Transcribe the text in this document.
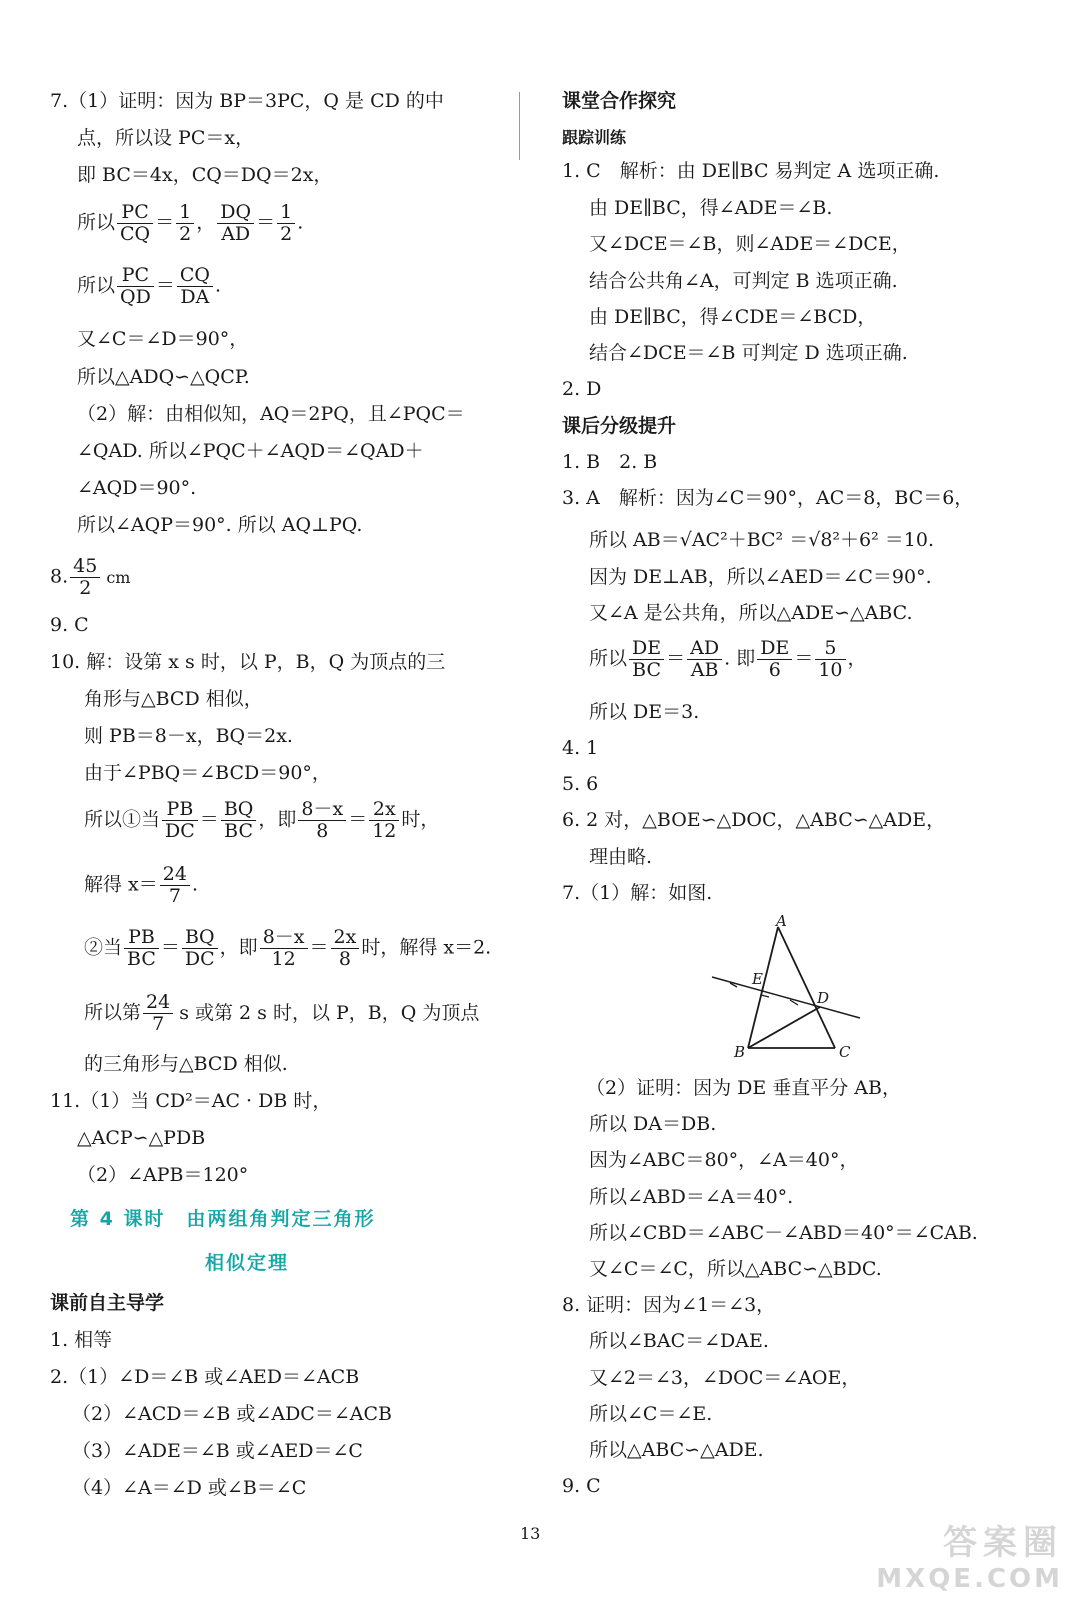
7.（1）证明：因为 BP＝3PC，Q 是 CD 的中
点，所以设 PC＝x，
即 BC＝4x，CQ＝DQ＝2x，
所以 $\frac{PC}{CQ} = \frac{1}{2}$ ， $\frac{DQ}{AD} = \frac{1}{2}$ .
所以 $\frac{PC}{QD} = \frac{CQ}{DA}$ .
又∠C＝∠D＝90°，
所以△ADQ∽△QCP.
（2）解：由相似知，AQ＝2PQ，且∠PQC＝
∠QAD. 所以∠PQC＋∠AQD＝∠QAD＋
∠AQD＝90°.
所以∠AQP＝90°. 所以 AQ⊥PQ.
8. $\frac{45}{2}$ cm
9. C
10. 解：设第 x s 时，以 P，B，Q 为顶点的三
角形与△BCD 相似，
则 PB＝8－x，BQ＝2x.
由于∠PBQ＝∠BCD＝90°，
所以①当 $\frac{PB}{DC} = \frac{BQ}{BC}$ ，即 $\frac{8-x}{8} = \frac{2x}{12}$ 时，
解得 $x= \frac{24}{7}$ .
②当 $\frac{PB}{BC} = \frac{BQ}{DC}$ ，即 $\frac{8-x}{12} = \frac{2x}{8}$ 时，解得 x＝2.
所以第 $\frac{24}{7}$ s 或第 2 s 时，以 P，B，Q 为顶点
的三角形与△BCD 相似.
11.（1）当 CD²＝AC · DB 时，
△ACP∽△PDB
（2）∠APB＝120°
第 4 课时　由两组角判定三角形
相似定理
课前自主导学
1. 相等
2.（1）∠D＝∠B 或∠AED＝∠ACB
（2）∠ACD＝∠B 或∠ADC＝∠ACB
（3）∠ADE＝∠B 或∠AED＝∠C
（4）∠A＝∠D 或∠B＝∠C
课堂合作探究
跟踪训练
1. C　解析：由 DE∥BC 易判定 A 选项正确.
由 DE∥BC，得∠ADE＝∠B.
又∠DCE＝∠B，则∠ADE＝∠DCE，
结合公共角∠A，可判定 B 选项正确.
由 DE∥BC，得∠CDE＝∠BCD，
结合∠DCE＝∠B 可判定 D 选项正确.
2. D
课后分级提升
1. B　2. B
3. A　解析：因为∠C＝90°，AC＝8，BC＝6，
所以 AB＝√AC²＋BC² ＝√8²＋6² ＝10.
因为 DE⊥AB，所以∠AED＝∠C＝90°.
又∠A 是公共角，所以△ADE∽△ABC.
所以 $\frac{DE}{BC} = \frac{AD}{AB}$ . 即 $\frac{DE}{6} = \frac{5}{10}$ ，
所以 DE＝3.
4. 1
5. 6
6. 2 对，△BOE∽△DOC，△ABC∽△ADE，
理由略.
7.（1）解：如图.
A
E
D
B	C
（2）证明：因为 DE 垂直平分 AB，
所以 DA＝DB.
因为∠ABC＝80°，∠A＝40°，
所以∠ABD＝∠A＝40°.
所以∠CBD＝∠ABC－∠ABD＝40°＝∠CAB.
又∠C＝∠C，所以△ABC∽△BDC.
8. 证明：因为∠1＝∠3，
所以∠BAC＝∠DAE.
又∠2＝∠3，∠DOC＝∠AOE，
所以∠C＝∠E.
所以△ABC∽△ADE.
9. C
13	答案圈
MXQE.COM
